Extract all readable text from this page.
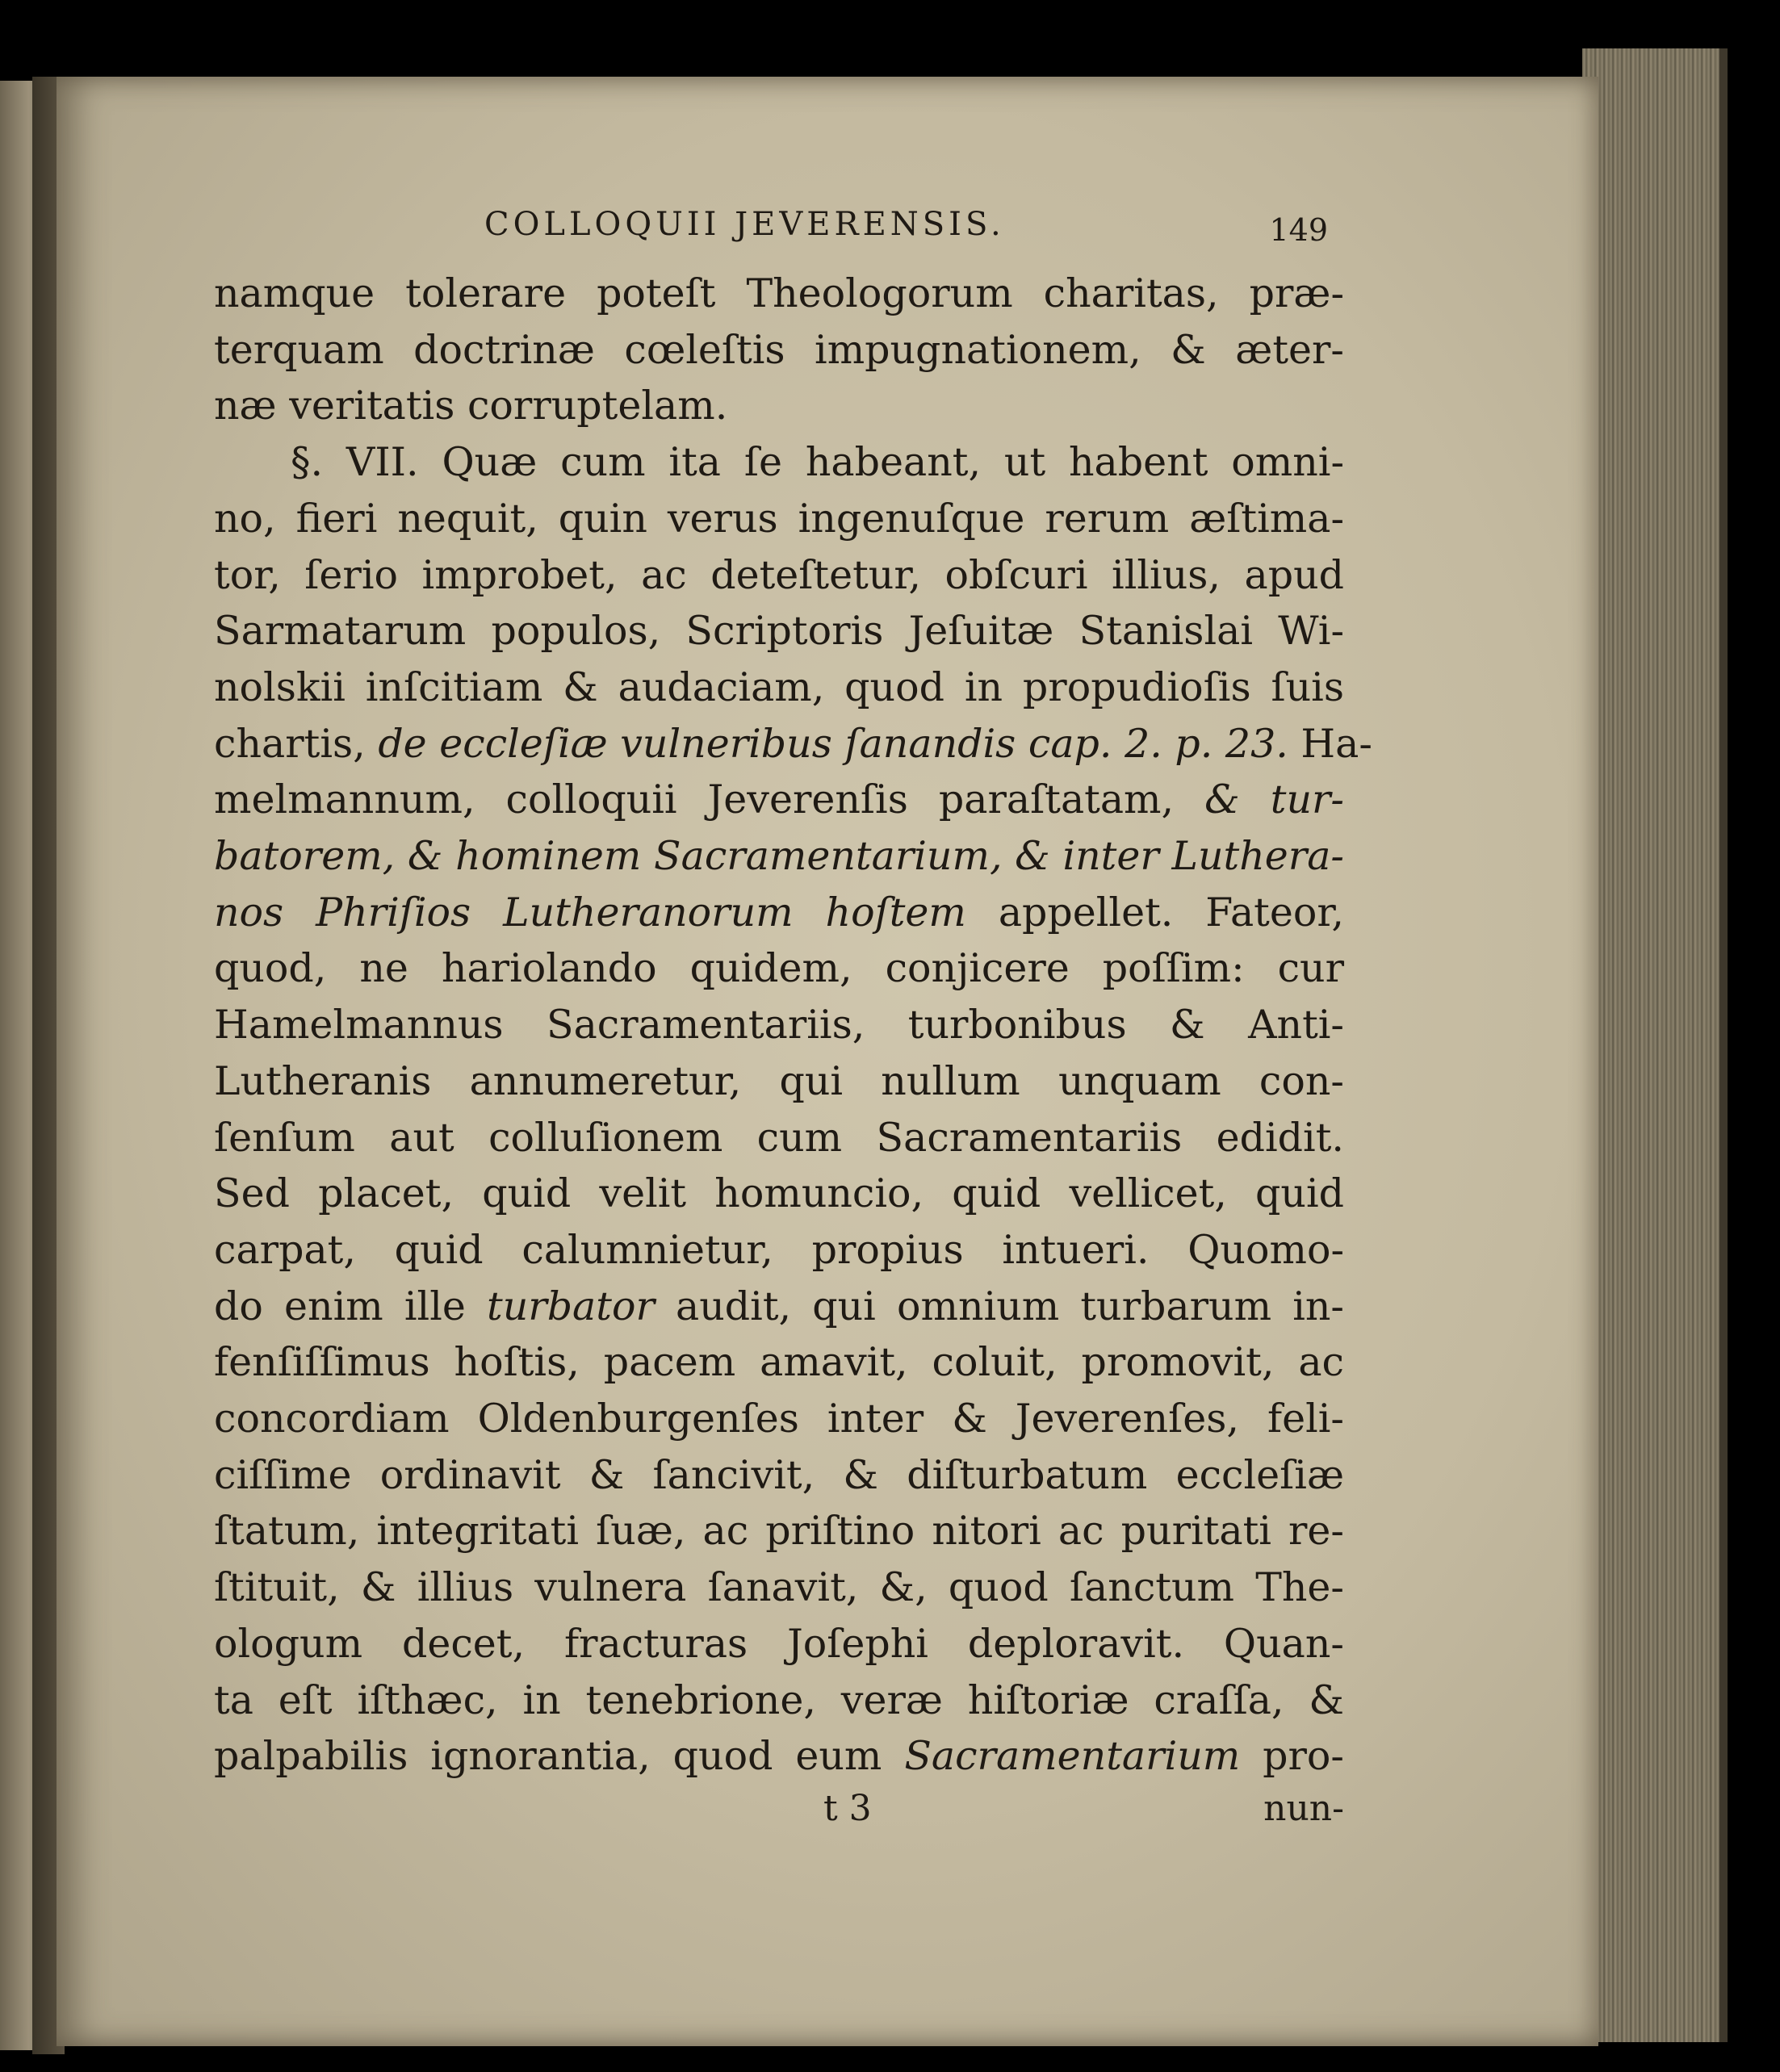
COLLOQUII JEVERENSIS.	149
namque tolerare poteſt Theologorum charitas, præ-
terquam doctrinæ cœleſtis impugnationem, & æter-
næ veritatis corruptelam.
§. VII. Quæ cum ita ſe habeant, ut habent omni-
no, fieri nequit, quin verus ingenuſque rerum æſtima-
tor, ſerio improbet, ac deteſtetur, obſcuri illius, apud
Sarmatarum populos, Scriptoris Jeſuitæ Stanislai Wi-
nolskii inſcitiam & audaciam, quod in propudioſis ſuis
chartis, de eccleſiæ vulneribus ſanandis cap. 2. p. 23. Ha-
melmannum, colloquii Jeverenſis paraſtatam, & tur-
batorem, & hominem Sacramentarium, & inter Luthera-
nos Phriſios Lutheranorum hoſtem appellet. Fateor,
quod, ne hariolando quidem, conjicere poſſim: cur
Hamelmannus Sacramentariis, turbonibus & Anti-
Lutheranis annumeretur, qui nullum unquam con-
ſenſum aut colluſionem cum Sacramentariis edidit.
Sed placet, quid velit homuncio, quid vellicet, quid
carpat, quid calumnietur, propius intueri. Quomo-
do enim ille turbator audit, qui omnium turbarum in-
fenſiſſimus hoſtis, pacem amavit, coluit, promovit, ac
concordiam Oldenburgenſes inter & Jeverenſes, feli-
ciſſime ordinavit & ſancivit, & diſturbatum eccleſiæ
ſtatum, integritati ſuæ, ac priſtino nitori ac puritati re-
ſtituit, & illius vulnera ſanavit, &, quod ſanctum The-
ologum decet, fracturas Joſephi deploravit. Quan-
ta eſt iſthæc, in tenebrione, veræ hiſtoriæ craſſa, &
palpabilis ignorantia, quod eum Sacramentarium pro-
t 3	nun-
